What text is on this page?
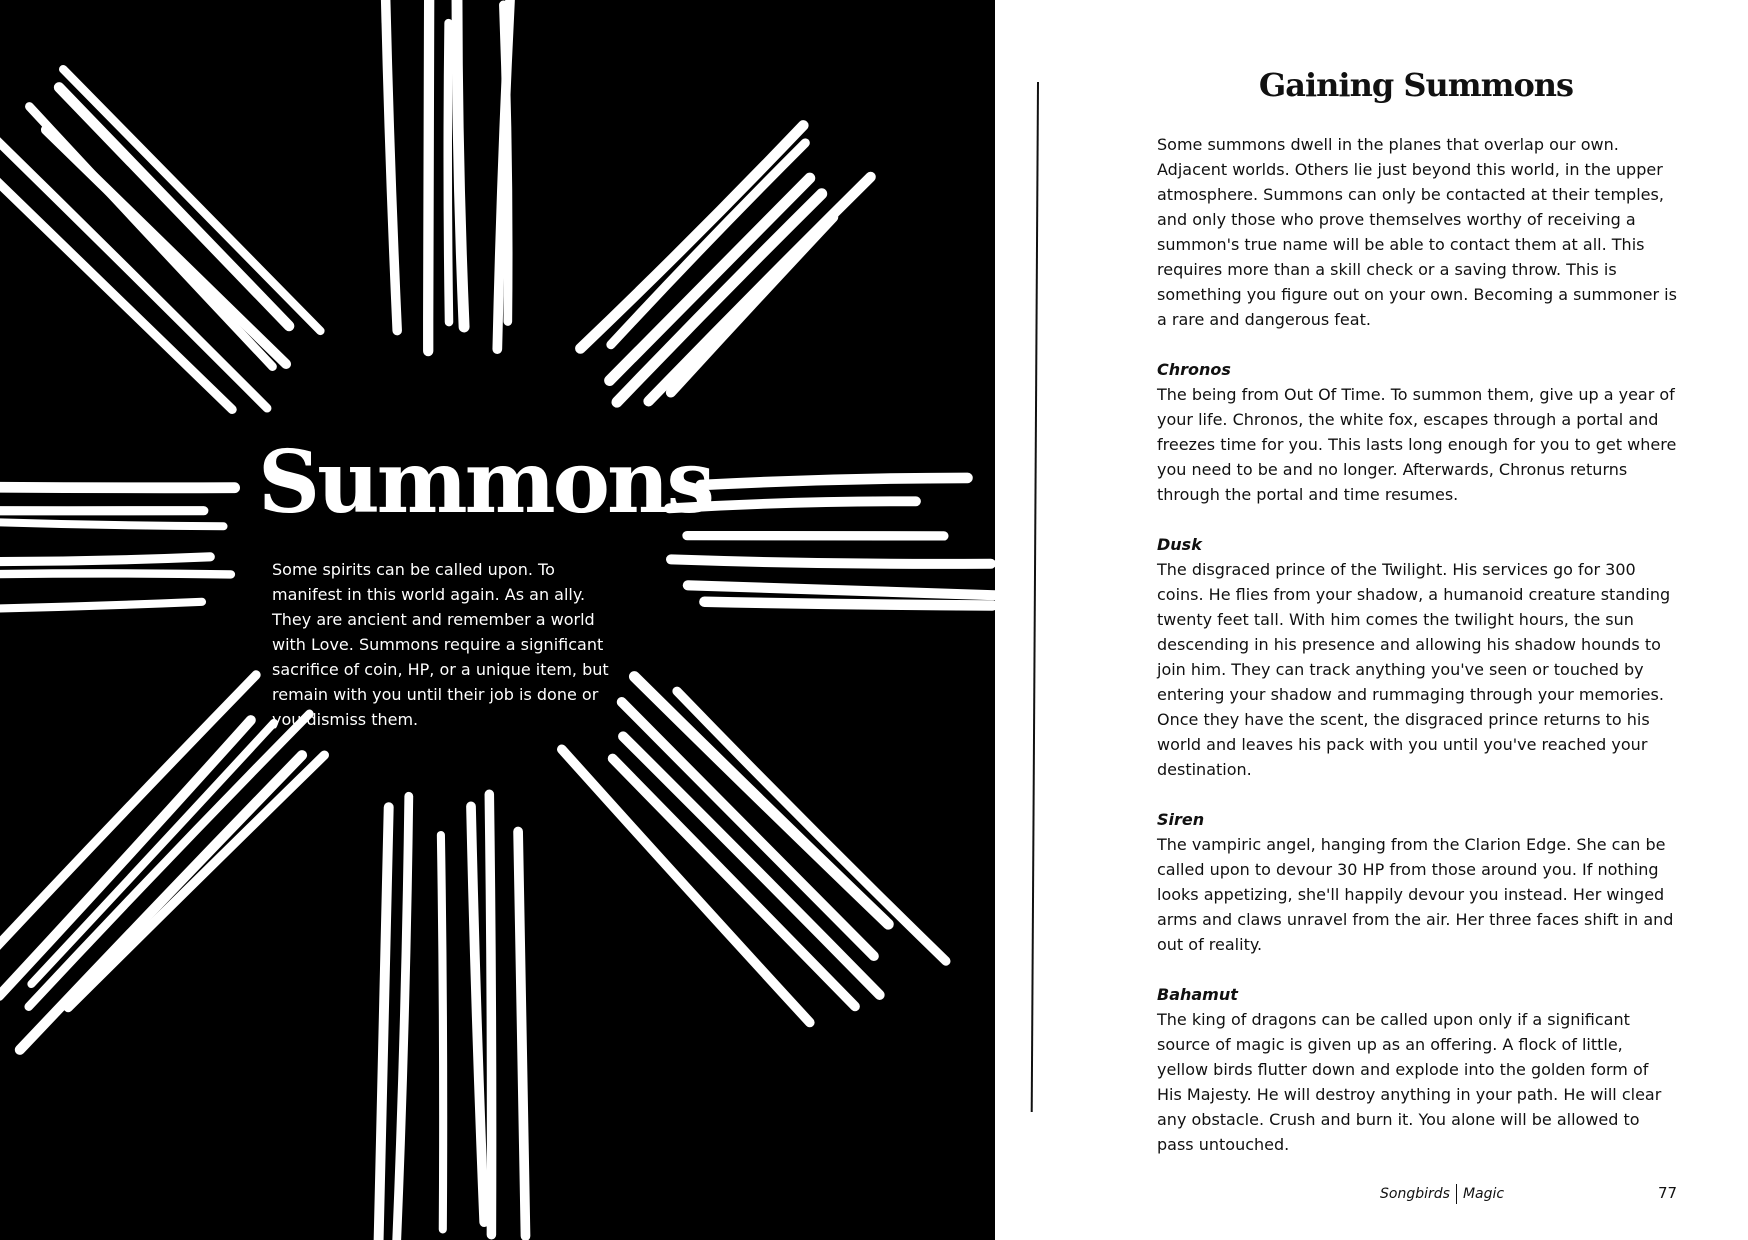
Summons

Some spirits can be called upon. To manifest in this world again. As an ally. They are ancient and remember a world with Love. Summons require a significant sacrifice of coin, HP, or a unique item, but remain with you until their job is done or you dismiss them.

Gaining Summons

Some summons dwell in the planes that overlap our own. Adjacent worlds. Others lie just beyond this world, in the upper atmosphere. Summons can only be contacted at their temples, and only those who prove themselves worthy of receiving a summon's true name will be able to contact them at all. This requires more than a skill check or a saving throw. This is something you figure out on your own. Becoming a summoner is a rare and dangerous feat.

Chronos

The being from Out Of Time. To summon them, give up a year of your life. Chronos, the white fox, escapes through a portal and freezes time for you. This lasts long enough for you to get where you need to be and no longer. Afterwards, Chronus returns through the portal and time resumes.

Dusk

The disgraced prince of the Twilight. His services go for 300 coins. He flies from your shadow, a humanoid creature standing twenty feet tall. With him comes the twilight hours, the sun descending in his presence and allowing his shadow hounds to join him. They can track anything you've seen or touched by entering your shadow and rummaging through your memories. Once they have the scent, the disgraced prince returns to his world and leaves his pack with you until you've reached your destination.

Siren

The vampiric angel, hanging from the Clarion Edge. She can be called upon to devour 30 HP from those around you. If nothing looks appetizing, she'll happily devour you instead. Her winged arms and claws unravel from the air. Her three faces shift in and out of reality.

Bahamut

The king of dragons can be called upon only if a significant source of magic is given up as an offering. A flock of little, yellow birds flutter down and explode into the golden form of His Majesty. He will destroy anything in your path. He will clear any obstacle. Crush and burn it. You alone will be allowed to pass untouched.

Songbirds Magic	77
